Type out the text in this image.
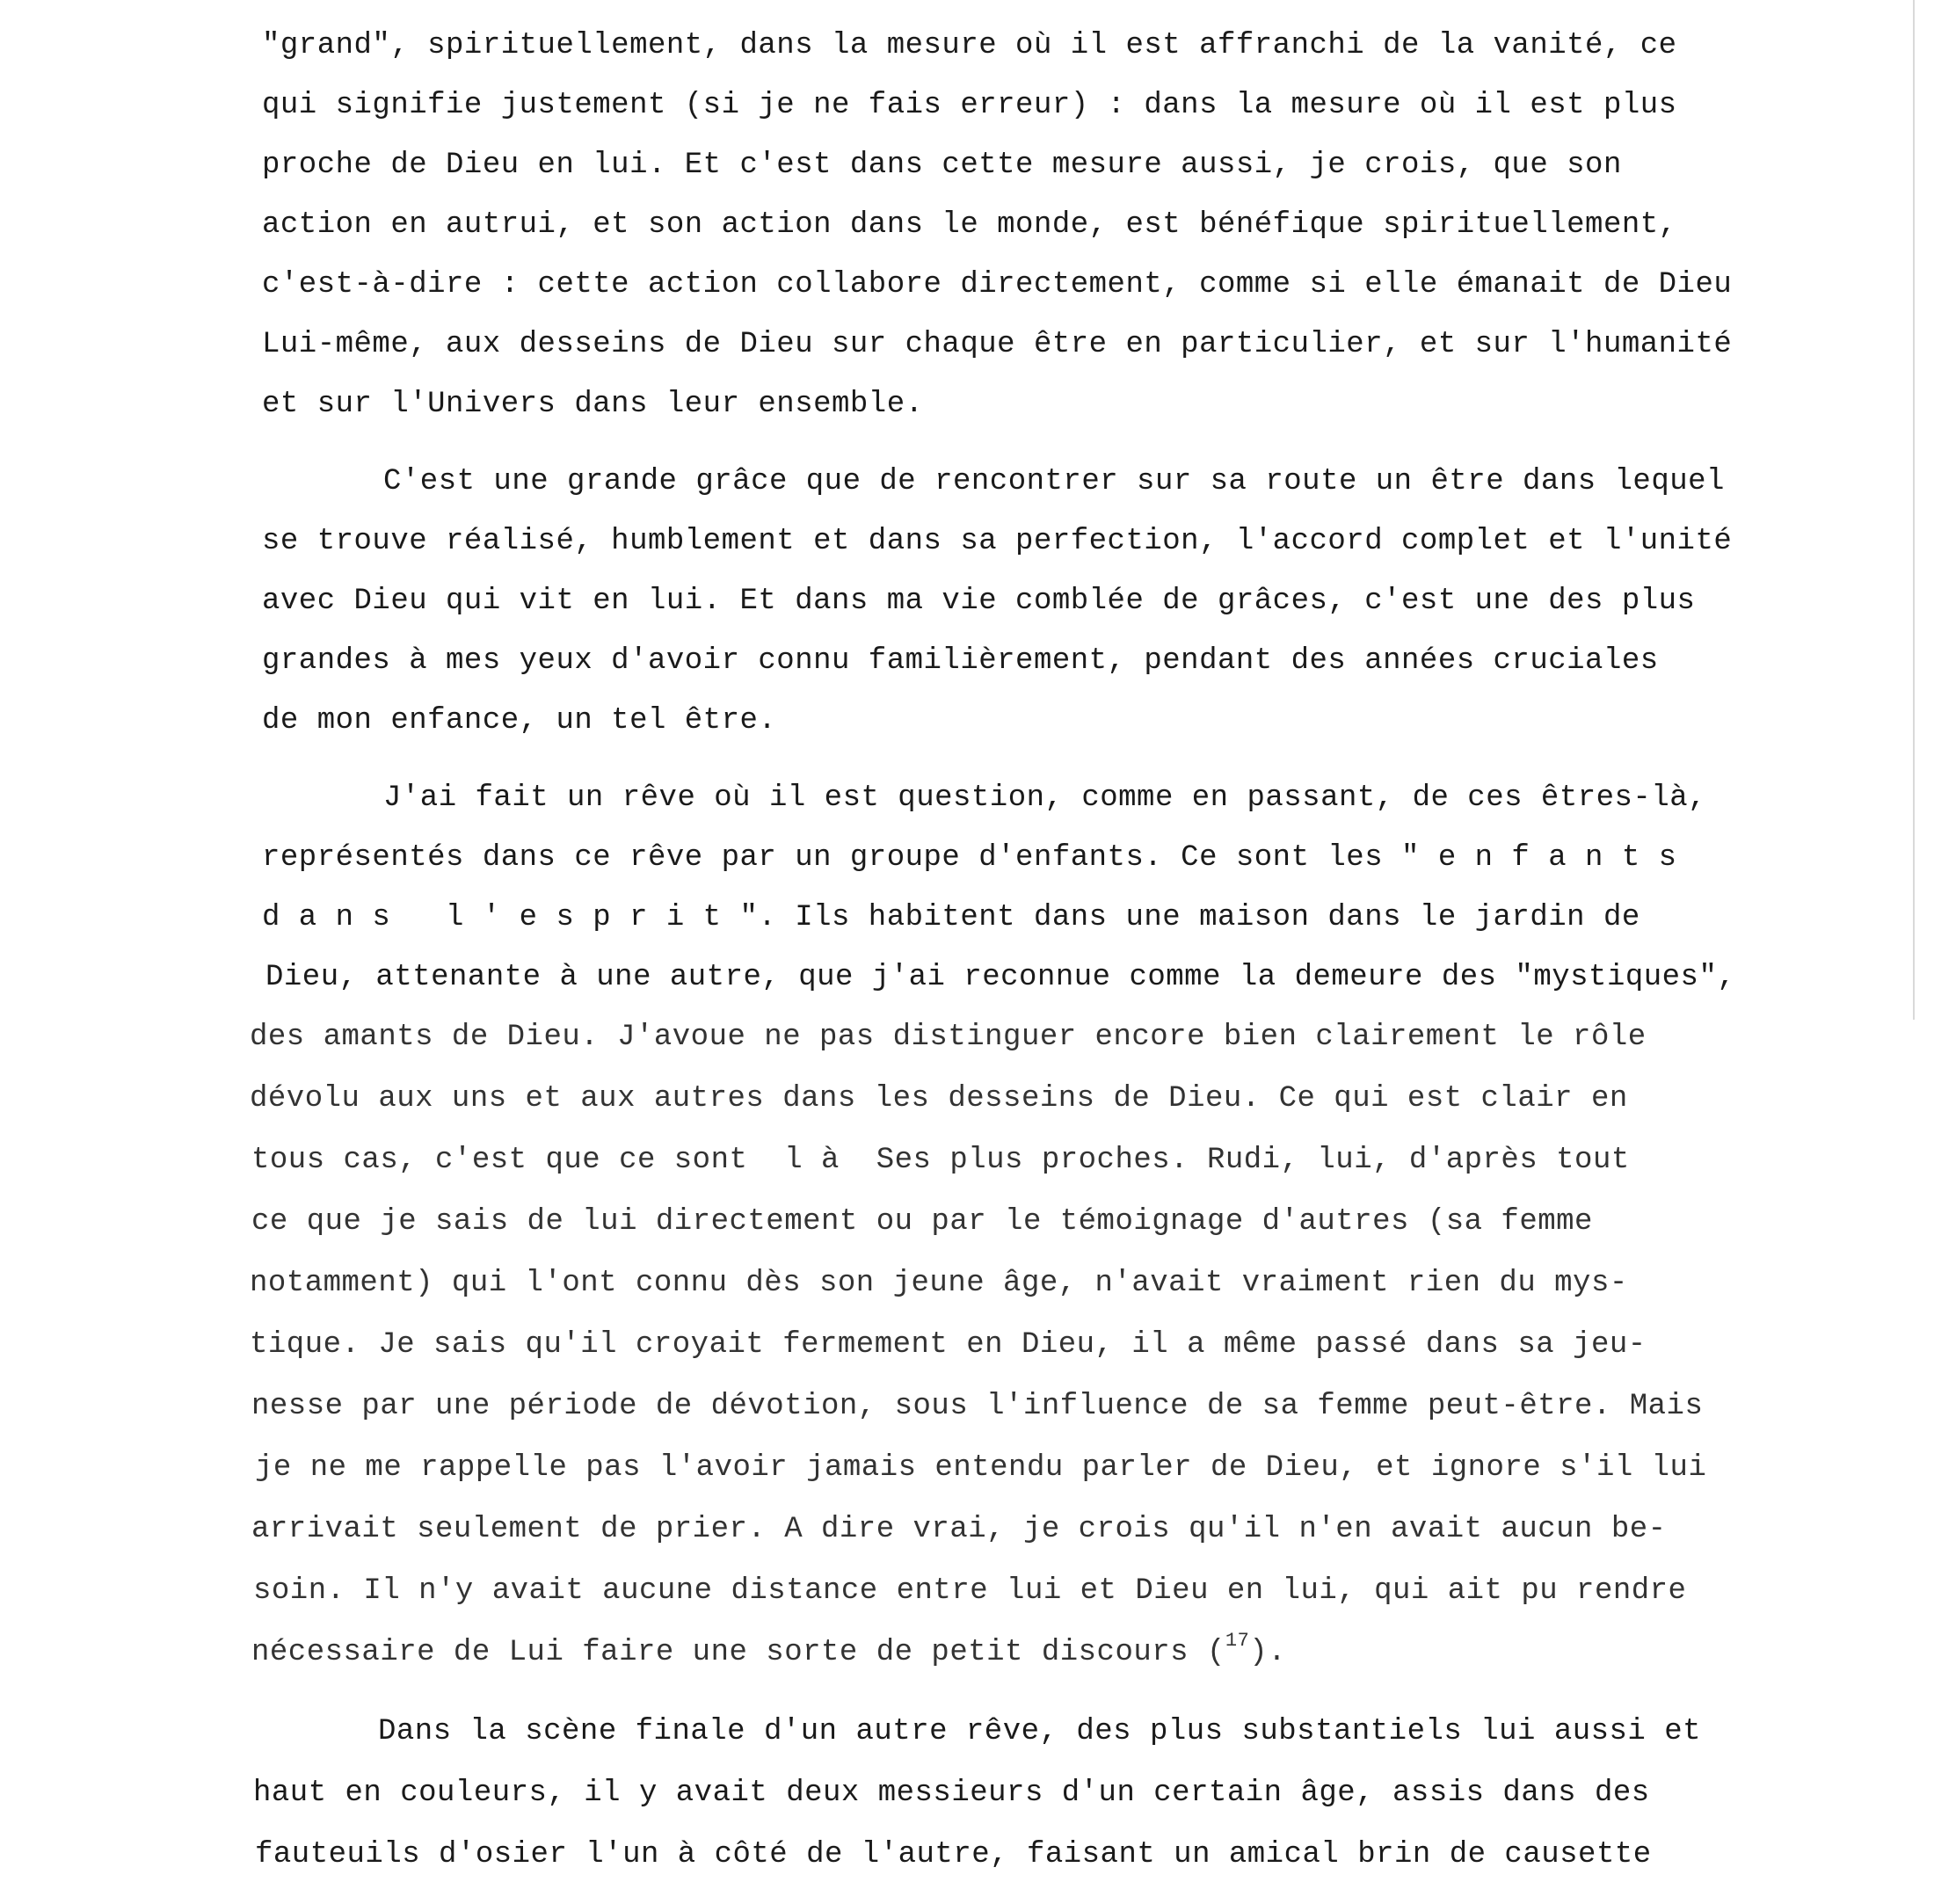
"grand", spirituellement, dans la mesure où il est affranchi de la vanité, ce
qui signifie justement (si je ne fais erreur) : dans la mesure où il est plus
proche de Dieu en lui. Et c'est dans cette mesure aussi, je crois, que son
action en autrui, et son action dans le monde, est bénéfique spirituellement,
c'est-à-dire : cette action collabore directement, comme si elle émanait de Dieu
Lui-même, aux desseins de Dieu sur chaque être en particulier, et sur l'humanité
et sur l'Univers dans leur ensemble.
C'est une grande grâce que de rencontrer sur sa route un être dans lequel
se trouve réalisé, humblement et dans sa perfection, l'accord complet et l'unité
avec Dieu qui vit en lui. Et dans ma vie comblée de grâces, c'est une des plus
grandes à mes yeux d'avoir connu familièrement, pendant des années cruciales
de mon enfance, un tel être.
J'ai fait un rêve où il est question, comme en passant, de ces êtres-là,
représentés dans ce rêve par un groupe d'enfants. Ce sont les " e n f a n t s
d a n s   l ' e s p r i t ". Ils habitent dans une maison dans le jardin de
Dieu, attenante à une autre, que j'ai reconnue comme la demeure des "mystiques",
des amants de Dieu. J'avoue ne pas distinguer encore bien clairement le rôle
dévolu aux uns et aux autres dans les desseins de Dieu. Ce qui est clair en
tous cas, c'est que ce sont  l à  Ses plus proches. Rudi, lui, d'après tout
ce que je sais de lui directement ou par le témoignage d'autres (sa femme
notamment) qui l'ont connu dès son jeune âge, n'avait vraiment rien du mys-
tique. Je sais qu'il croyait fermement en Dieu, il a même passé dans sa jeu-
nesse par une période de dévotion, sous l'influence de sa femme peut-être. Mais
je ne me rappelle pas l'avoir jamais entendu parler de Dieu, et ignore s'il lui
arrivait seulement de prier. A dire vrai, je crois qu'il n'en avait aucun be-
soin. Il n'y avait aucune distance entre lui et Dieu en lui, qui ait pu rendre
nécessaire de Lui faire une sorte de petit discours ($^{17}$).
Dans la scène finale d'un autre rêve, des plus substantiels lui aussi et
haut en couleurs, il y avait deux messieurs d'un certain âge, assis dans des
fauteuils d'osier l'un à côté de l'autre, faisant un amical brin de causette
